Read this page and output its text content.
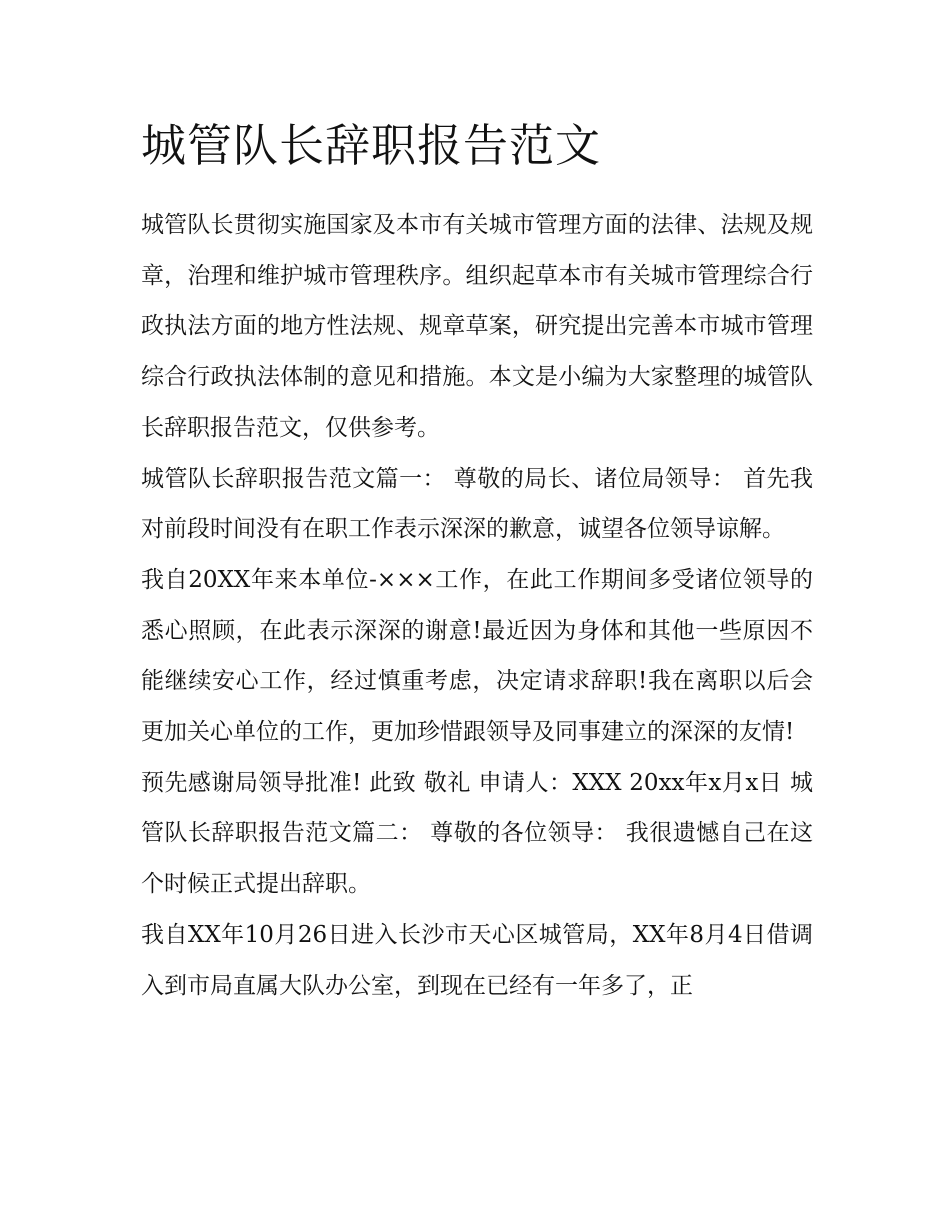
城管队长辞职报告范文

城管队长贯彻实施国家及本市有关城市管理方面的法律、法规及规章，治理和维护城市管理秩序。组织起草本市有关城市管理综合行政执法方面的地方性法规、规章草案，研究提出完善本市城市管理综合行政执法体制的意见和措施。本文是小编为大家整理的城管队长辞职报告范文，仅供参考。

城管队长辞职报告范文篇一： 尊敬的局长、诸位局领导： 首先我对前段时间没有在职工作表示深深的歉意，诚望各位领导谅解。

我自20XX年来本单位-×××工作，在此工作期间多受诸位领导的悉心照顾，在此表示深深的谢意!最近因为身体和其他一些原因不能继续安心工作，经过慎重考虑，决定请求辞职!我在离职以后会更加关心单位的工作，更加珍惜跟领导及同事建立的深深的友情!

预先感谢局领导批准! 此致 敬礼 申请人：XXX 20xx年x月x日 城管队长辞职报告范文篇二： 尊敬的各位领导： 我很遗憾自己在这个时候正式提出辞职。

我自XX年10月26日进入长沙市天心区城管局，XX年8月4日借调入到市局直属大队办公室，到现在已经有一年多了，正
